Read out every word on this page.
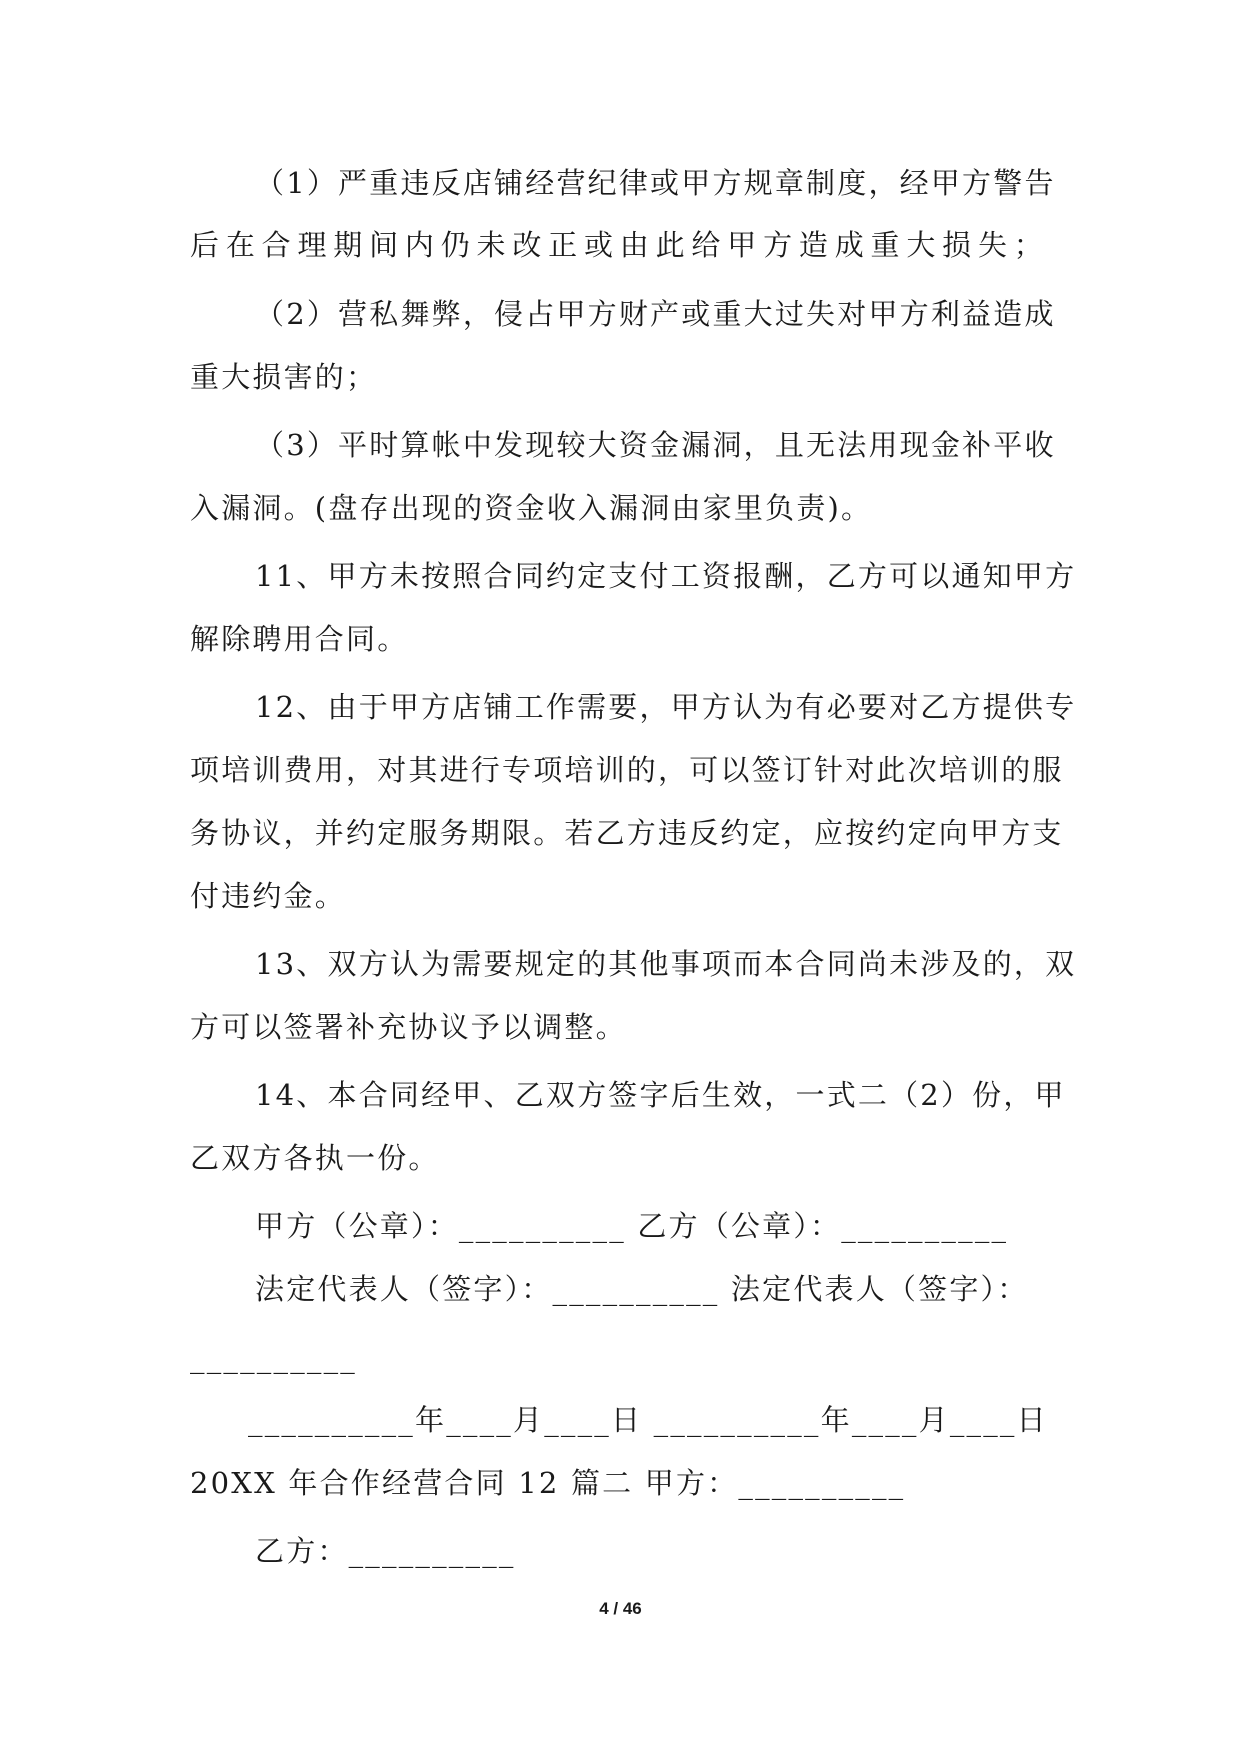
（1）严重违反店铺经营纪律或甲方规章制度，经甲方警告
后在合理期间内仍未改正或由此给甲方造成重大损失；
（2）营私舞弊，侵占甲方财产或重大过失对甲方利益造成
重大损害的；
（3）平时算帐中发现较大资金漏洞，且无法用现金补平收
入漏洞。(盘存出现的资金收入漏洞由家里负责)。
11、甲方未按照合同约定支付工资报酬，乙方可以通知甲方
解除聘用合同。
12、由于甲方店铺工作需要，甲方认为有必要对乙方提供专
项培训费用，对其进行专项培训的，可以签订针对此次培训的服
务协议，并约定服务期限。若乙方违反约定，应按约定向甲方支
付违约金。
13、双方认为需要规定的其他事项而本合同尚未涉及的，双
方可以签署补充协议予以调整。
14、本合同经甲、乙双方签字后生效，一式二（2）份，甲
乙双方各执一份。
甲方（公章）：__________ 乙方（公章）：__________
法定代表人（签字）：__________ 法定代表人（签字）：
__________
__________年____月____日 __________年____月____日
20XX 年合作经营合同 12 篇二 甲方：__________
乙方：__________
4 / 46
